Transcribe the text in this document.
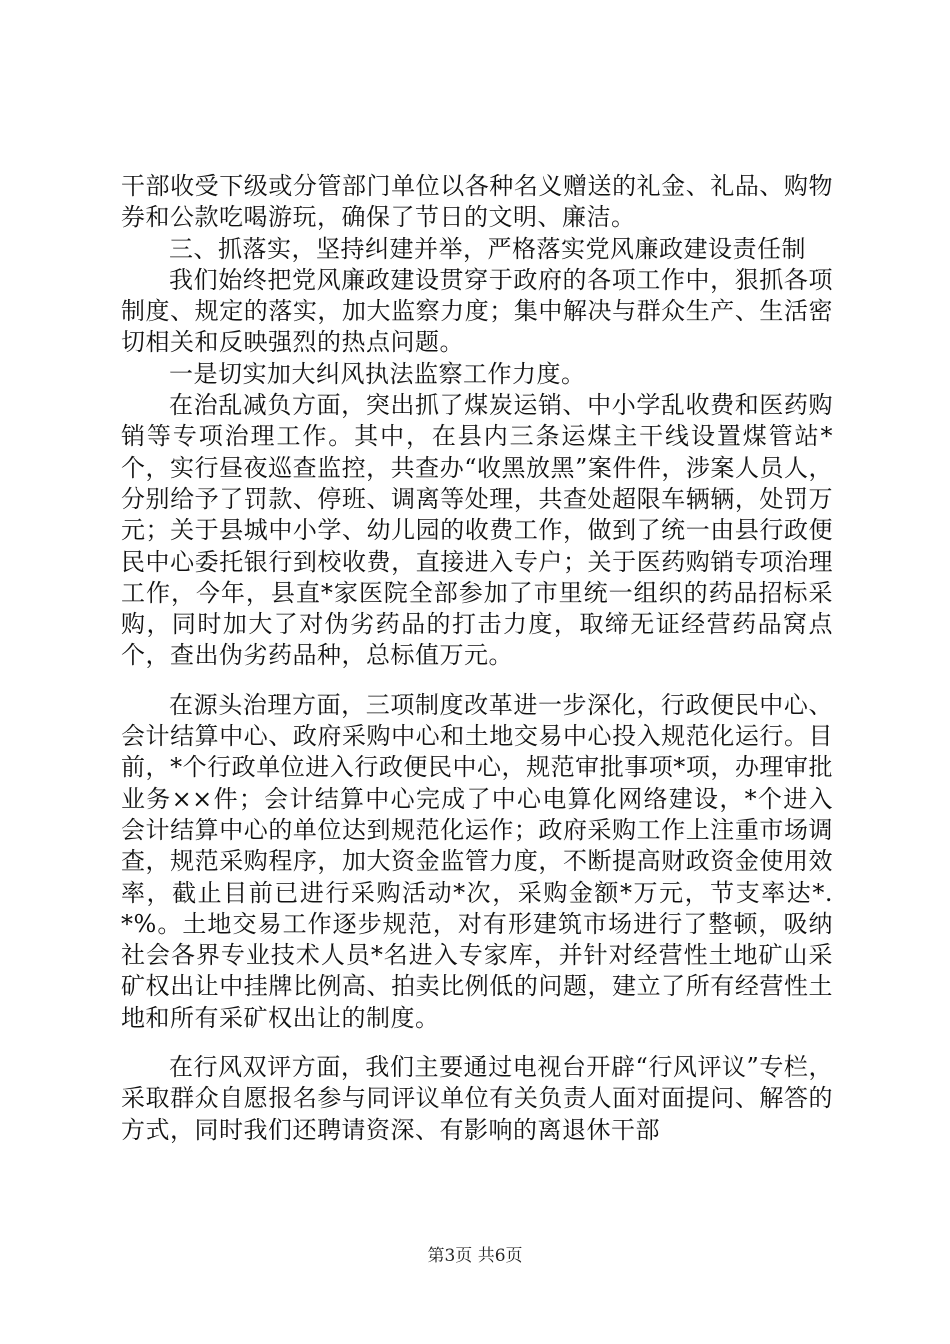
干部收受下级或分管部门单位以各种名义赠送的礼金、礼品、购物券和公款吃喝游玩，确保了节日的文明、廉洁。

三、抓落实，坚持纠建并举，严格落实党风廉政建设责任制

我们始终把党风廉政建设贯穿于政府的各项工作中，狠抓各项制度、规定的落实，加大监察力度；集中解决与群众生产、生活密切相关和反映强烈的热点问题。

一是切实加大纠风执法监察工作力度。

在治乱减负方面，突出抓了煤炭运销、中小学乱收费和医药购销等专项治理工作。其中，在县内三条运煤主干线设置煤管站*个，实行昼夜巡查监控，共查办“收黑放黑”案件件，涉案人员人，分别给予了罚款、停班、调离等处理，共查处超限车辆辆，处罚万元；关于县城中小学、幼儿园的收费工作，做到了统一由县行政便民中心委托银行到校收费，直接进入专户；关于医药购销专项治理工作，今年，县直*家医院全部参加了市里统一组织的药品招标采购，同时加大了对伪劣药品的打击力度，取缔无证经营药品窝点个，查出伪劣药品种，总标值万元。

在源头治理方面，三项制度改革进一步深化，行政便民中心、会计结算中心、政府采购中心和土地交易中心投入规范化运行。目前，*个行政单位进入行政便民中心，规范审批事项*项，办理审批业务××件；会计结算中心完成了中心电算化网络建设，*个进入会计结算中心的单位达到规范化运作；政府采购工作上注重市场调查，规范采购程序，加大资金监管力度，不断提高财政资金使用效率，截止目前已进行采购活动*次，采购金额*万元，节支率达*.*%。土地交易工作逐步规范，对有形建筑市场进行了整顿，吸纳社会各界专业技术人员*名进入专家库，并针对经营性土地矿山采矿权出让中挂牌比例高、拍卖比例低的问题，建立了所有经营性土地和所有采矿权出让的制度。

在行风双评方面，我们主要通过电视台开辟“行风评议”专栏，采取群众自愿报名参与同评议单位有关负责人面对面提问、解答的方式，同时我们还聘请资深、有影响的离退休干部

第3页 共6页
